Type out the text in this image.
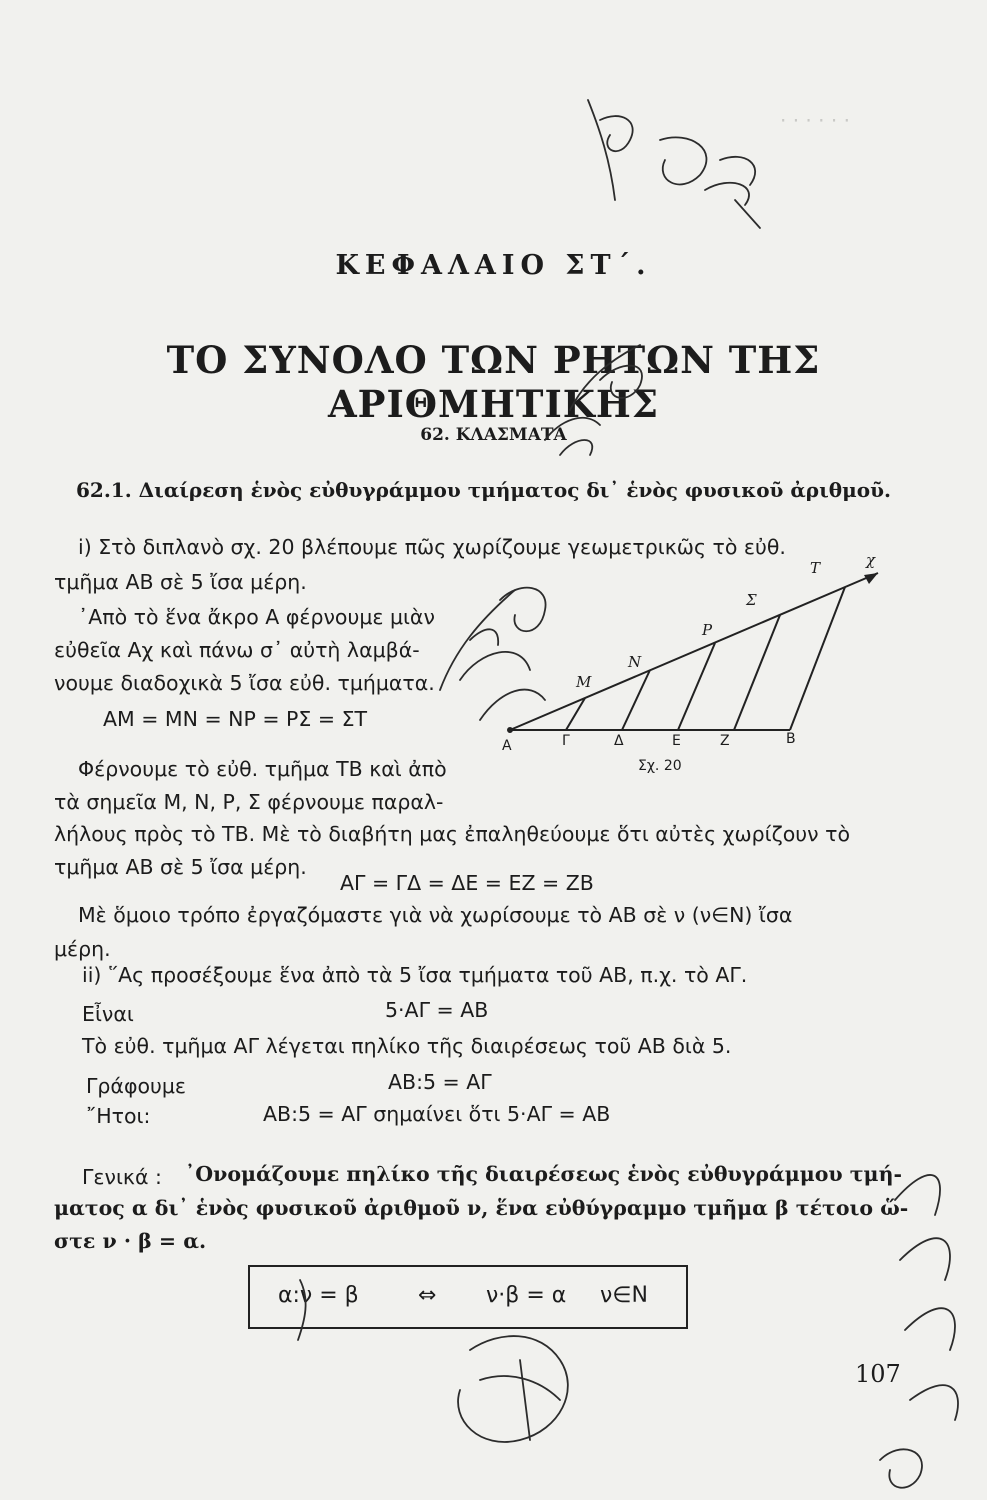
· · · · · ·
ΚΕΦΑΛΑΙΟ ΣΤ΄.
ΤΟ ΣΥΝΟΛΟ ΤΩΝ ΡΗΤΩΝ ΤΗΣ ΑΡΙΘΜΗΤΙΚΗΣ
62. ΚΛΑΣΜΑΤΑ
62.1. Διαίρεση ἑνὸς εὐθυγράμμου τμήματος δι᾽ ἑνὸς φυσικοῦ ἀριθμοῦ.
i) Στὸ διπλανὸ σχ. 20 βλέπουμε πῶς χωρίζουμε γεωμετρικῶς τὸ εὐθ.
τμῆμα ΑΒ σὲ 5 ἴσα μέρη.
᾿Απὸ τὸ ἕνα ἄκρο Α φέρνουμε μιὰν
εὐθεῖα Αχ καὶ πάνω σ᾽ αὐτὴ λαμβά-
νουμε διαδοχικὰ 5 ἴσα εὐθ. τμήματα.
ΑΜ = ΜΝ = ΝΡ = ΡΣ = ΣΤ
Φέρνουμε τὸ εὐθ. τμῆμα ΤΒ καὶ ἀπὸ
τὰ σημεῖα Μ, Ν, Ρ, Σ φέρνουμε παραλ-
λήλους πρὸς τὸ ΤΒ. Μὲ τὸ διαβήτη μας ἐπαληθεύουμε ὅτι αὐτὲς χωρίζουν τὸ
τμῆμα ΑΒ σὲ 5 ἴσα μέρη.
ΑΓ = ΓΔ = ΔΕ = ΕΖ = ΖΒ
Μὲ ὅμοιο τρόπο ἐργαζόμαστε γιὰ νὰ χωρίσουμε τὸ ΑΒ σὲ ν (ν∈Ν) ἴσα
μέρη.
ii) ῞Ας προσέξουμε ἕνα ἀπὸ τὰ 5 ἴσα τμήματα τοῦ ΑΒ, π.χ. τὸ ΑΓ.
Εἶναι	5·ΑΓ = ΑΒ
Τὸ εὐθ. τμῆμα ΑΓ λέγεται πηλίκο τῆς διαιρέσεως τοῦ ΑΒ διὰ 5.
Γράφουμε	ΑΒ:5 = ΑΓ
῎Ητοι:	ΑΒ:5 = ΑΓ σημαίνει ὅτι 5·ΑΓ = ΑΒ
Γενικά : ᾿Ονομάζουμε πηλίκο τῆς διαιρέσεως ἑνὸς εὐθυγράμμου τμή-
ματος α δι᾽ ἑνὸς φυσικοῦ ἀριθμοῦ ν, ἕνα εὐθύγραμμο τμῆμα β τέτοιο ὥ-
στε ν · β = α.
α:ν = β	⇔ ν·β = α ν∈Ν
107
Μ
Ν
Ρ
Σ
Τ	χ
Α	Γ	Δ	Ε	Ζ	Β
Σχ. 20
